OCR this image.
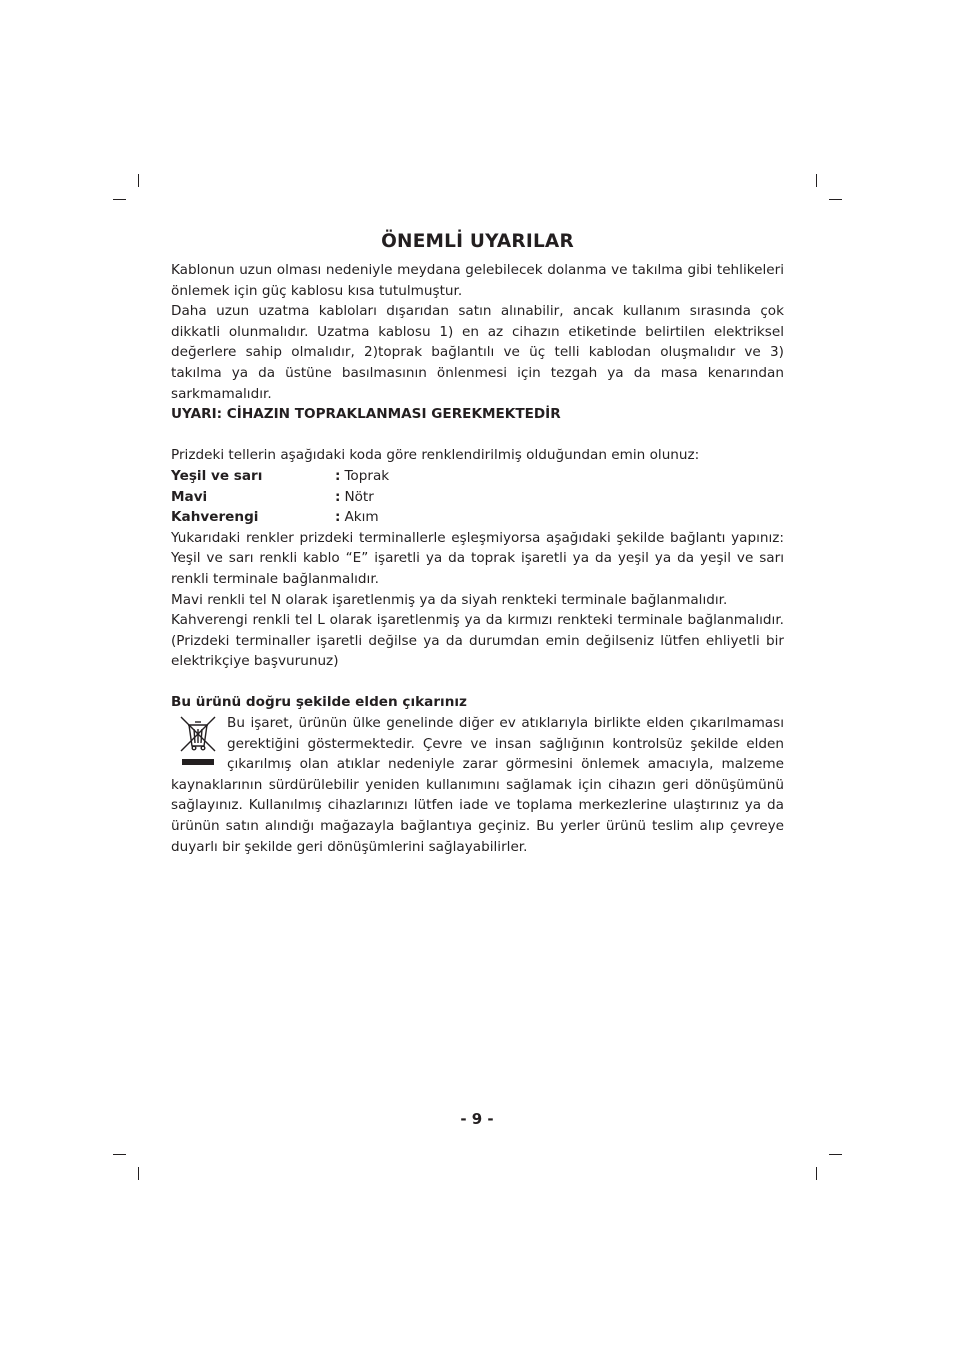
ÖNEMLİ UYARILAR

Kablonun uzun olması nedeniyle meydana gelebilecek dolanma ve takılma gibi tehlikeleri önlemek için güç kablosu kısa tutulmuştur.

Daha uzun uzatma kabloları dışarıdan satın alınabilir, ancak kullanım sırasında çok dikkatli olunmalıdır. Uzatma kablosu 1) en az cihazın etiketinde belirtilen elektriksel değerlere sahip olmalıdır, 2)toprak bağlantılı ve üç telli kablodan oluşmalıdır ve 3) takılma ya da üstüne basılmasının önlenmesi için tezgah ya da masa kenarından sarkmamalıdır.

UYARI: CİHAZIN TOPRAKLANMASI GEREKMEKTEDİR

Prizdeki tellerin aşağıdaki koda göre renklendirilmiş olduğundan emin olunuz:

Yeşil ve sarı	: Toprak
Mavi	: Nötr
Kahverengi	: Akım

Yukarıdaki renkler prizdeki terminallerle eşleşmiyorsa aşağıdaki şekilde bağlantı yapınız: Yeşil ve sarı renkli kablo “E” işaretli ya da toprak işaretli ya da yeşil ya da yeşil ve sarı renkli terminale bağlanmalıdır.

Mavi renkli tel N olarak işaretlenmiş ya da siyah renkteki terminale bağlanmalıdır.

Kahverengi renkli tel L olarak işaretlenmiş ya da kırmızı renkteki terminale bağlanmalıdır. (Prizdeki terminaller işaretli değilse ya da durumdan emin değilseniz lütfen ehliyetli bir elektrikçiye başvurunuz)

Bu ürünü doğru şekilde elden çıkarınız

Bu işaret, ürünün ülke genelinde diğer ev atıklarıyla birlikte elden çıkarılmaması gerektiğini göstermektedir. Çevre ve insan sağlığının kontrolsüz şekilde elden çıkarılmış olan atıklar nedeniyle zarar görmesini önlemek amacıyla, malzeme kaynaklarının sürdürülebilir yeniden kullanımını sağlamak için cihazın geri dönüşümünü sağlayınız. Kullanılmış cihazlarınızı lütfen iade ve toplama merkezlerine ulaştırınız ya da ürünün satın alındığı mağazayla bağlantıya geçiniz. Bu yerler ürünü teslim alıp çevreye duyarlı bir şekilde geri dönüşümlerini sağlayabilirler.

- 9 -
